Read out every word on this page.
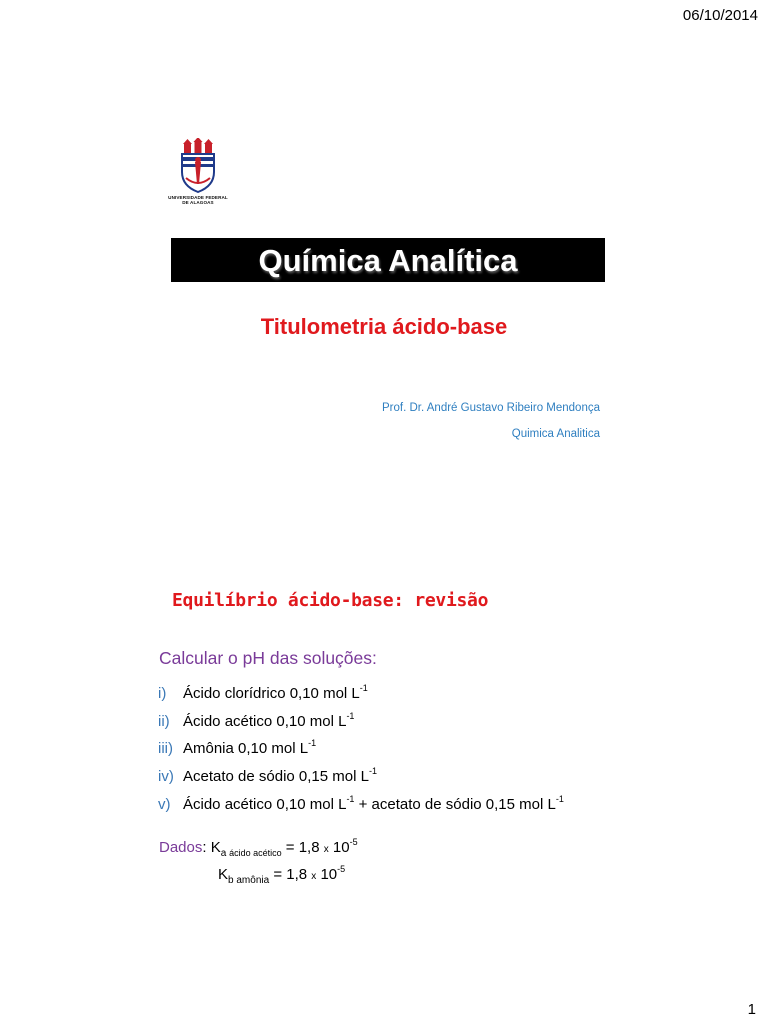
06/10/2014
UNIVERSIDADE FEDERAL
DE ALAGOAS
Química Analítica
Titulometria ácido-base
Prof. Dr. André Gustavo Ribeiro Mendonça
Quimica Analitica
Equilíbrio ácido-base: revisão
Calcular o pH das soluções:
i) Ácido clorídrico 0,10 mol $L^{-1}$
ii) Ácido acético 0,10 mol $L^{-1}$
iii) Amônia 0,10 mol $L^{-1}$
iv) Acetato de sódio 0,15 mol $L^{-1}$
v) Ácido acético 0,10 mol $L^{-1}$ + acetato de sódio 0,15 mol $L^{-1}$
Dados: $K_{a ácido acético} = 1,8$ x $10^{-5}$
$K_{b amônia} = 1,8$ x $10^{-5}$
1
